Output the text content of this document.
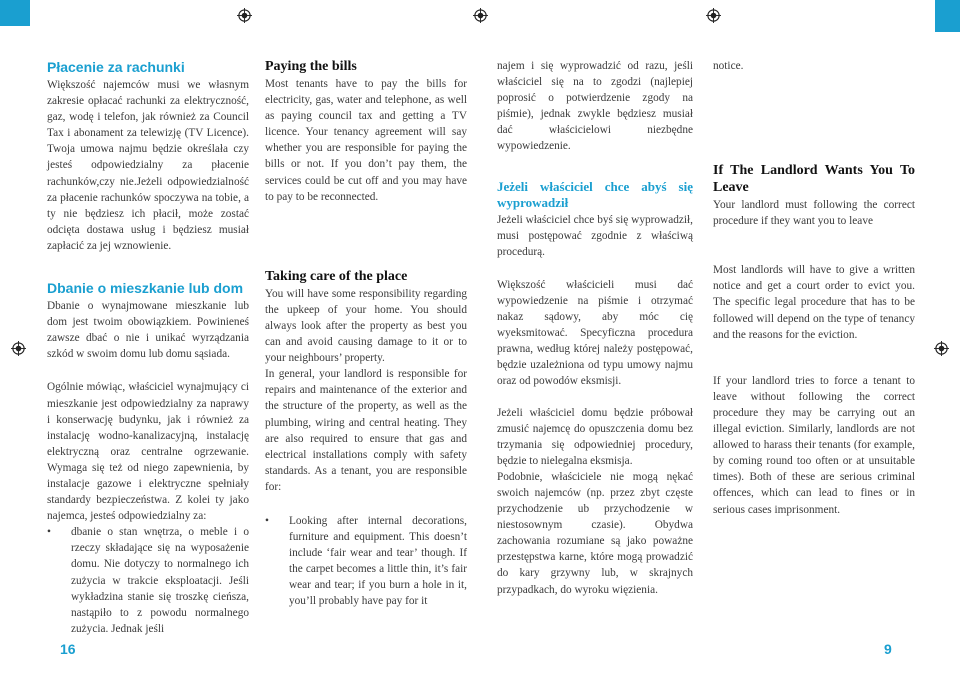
Płacenie za rachunki

Większość najemców musi we własnym zakresie opłacać rachunki za elektryczność, gaz, wodę i telefon, jak również za Council Tax i abonament za telewizję (TV Licence). Twoja umowa najmu będzie określała czy jesteś odpowiedzialny za płacenie rachunków,czy nie.Jeżeli odpowiedzialność za płacenie rachunków spoczywa na tobie, a ty nie będziesz ich płacił, może zostać odcięta dostawa usług i będziesz musiał zapłacić za jej wznowienie.

Dbanie o mieszkanie lub dom

Dbanie o wynajmowane mieszkanie lub dom jest twoim obowiązkiem. Powinieneś zawsze dbać o nie i unikać wyrządzania szkód w swoim domu lub domu sąsiada.

Ogólnie mówiąc, właściciel wynajmujący ci mieszkanie jest odpowiedzialny za naprawy i konserwację budynku, jak i również za instalację wodno-kanalizacyjną, instalację elektryczną oraz centralne ogrzewanie. Wymaga się też od niego zapewnienia, by instalacje gazowe i elektryczne spełniały standardy bezpieczeństwa. Z kolei ty jako najemca, jesteś odpowiedzialny za:

• dbanie o stan wnętrza, o meble i o rzeczy składające się na wyposażenie domu. Nie dotyczy to normalnego ich zużycia w trakcie eksploatacji. Jeśli wykładzina stanie się troszkę cieńsza, nastąpiło to z powodu normalnego zużycia. Jednak jeśli
Paying the bills

Most tenants have to pay the bills for electricity, gas, water and telephone, as well as paying council tax and getting a TV licence. Your tenancy agreement will say whether you are responsible for paying the bills or not. If you don’t pay them, the services could be cut off and you may have to pay to be reconnected.

Taking care of the place

You will have some responsibility regarding the upkeep of your home. You should always look after the property as best you can and avoid causing damage to it or to your neighbours’ property.

In general, your landlord is responsible for repairs and maintenance of the exterior and the structure of the property, as well as the plumbing, wiring and central heating. They are also required to ensure that gas and electrical installations comply with safety standards. As a tenant, you are responsible for:

• Looking after internal decorations, furniture and equipment. This doesn’t include ‘fair wear and tear’ though. If the carpet becomes a little thin, it’s fair wear and tear; if you burn a hole in it, you’ll probably have pay for it
16

najem i się wyprowadzić od razu, jeśli właściciel się na to zgodzi (najlepiej poprosić o potwierdzenie zgody na piśmie), jednak zwykle będziesz musiał dać właścicielowi niezbędne wypowiedzenie.

Jeżeli właściciel chce abyś się wyprowadził

Jeżeli właściciel chce byś się wyprowadził, musi postępować zgodnie z właściwą procedurą.

Większość właścicieli musi dać wypowiedzenie na piśmie i otrzymać nakaz sądowy, aby móc cię wyeksmitować. Specyficzna procedura prawna, według której należy postępować, będzie uzależniona od typu umowy najmu oraz od powodów eksmisji.

Jeżeli właściciel domu będzie próbował zmusić najemcę do opuszczenia domu bez trzymania się odpowiedniej procedury, będzie to nielegalna eksmisja.

Podobnie, właściciele nie mogą nękać swoich najemców (np. przez zbyt częste przychodzenie ub przychodzenie w niestosownym czasie). Obydwa zachowania rozumiane są jako poważne przestępstwa karne, które mogą prowadzić do kary grzywny lub, w skrajnych przypadkach, do wyroku więzienia.

notice.

If The Landlord Wants You To Leave

Your landlord must following the correct procedure if they want you to leave

Most landlords will have to give a written notice and get a court order to evict you. The specific legal procedure that has to be followed will depend on the type of tenancy and the reasons for the eviction.

If your landlord tries to force a tenant to leave without following the correct procedure they may be carrying out an illegal eviction. Similarly, landlords are not allowed to harass their tenants (for example, by coming round too often or at unsuitable times). Both of these are serious criminal offences, which can lead to fines or in serious cases imprisonment.

9
